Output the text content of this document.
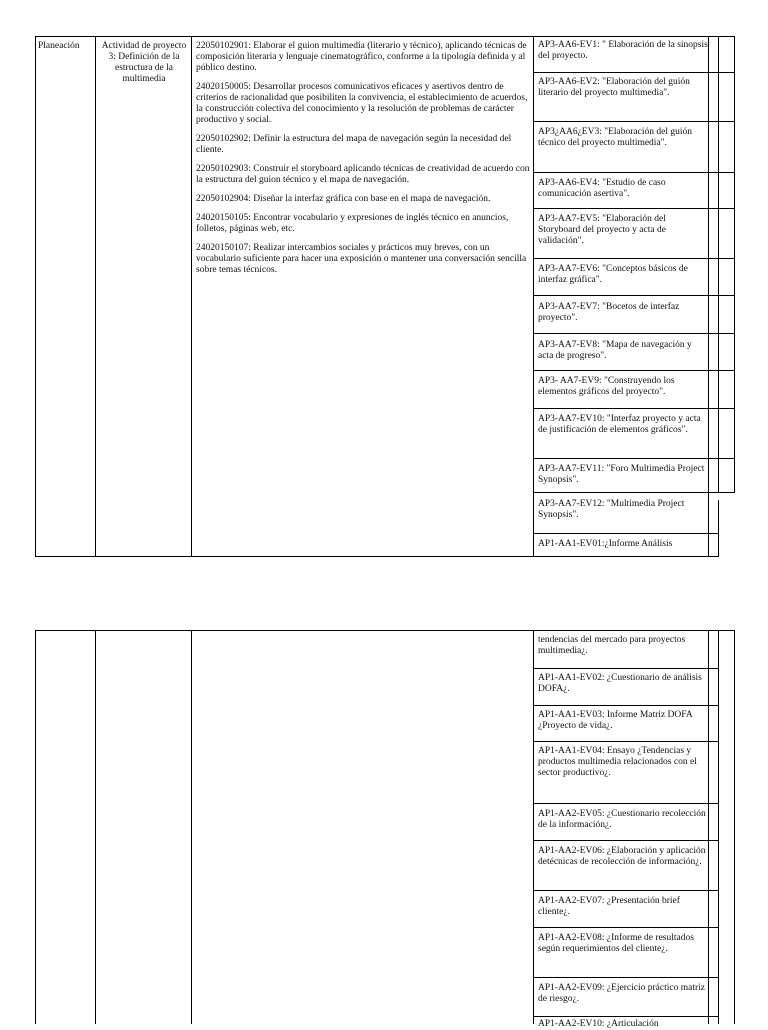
Planeación	Actividad de proyecto 3: Definición de la estructura de la multimedia

22050102901: Elaborar el guion multimedia (literario y técnico), aplicando técnicas de composición literaria y lenguaje cinematográfico, conforme a la tipología definida y al público destino.

24020150005: Desarrollar procesos comunicativos eficaces y asertivos dentro de criterios de racionalidad que posibiliten la convivencia, el establecimiento de acuerdos, la construcción colectiva del conocimiento y la resolución de problemas de carácter productivo y social.

22050102902: Definir la estructura del mapa de navegación según la necesidad del cliente.

22050102903: Construir el storyboard aplicando técnicas de creatividad de acuerdo con la estructura del guion técnico y el mapa de navegación.

22050102904: Diseñar la interfaz gráfica con base en el mapa de navegación.

24020150105: Encontrar vocabulario y expresiones de inglés técnico en anuncios, folletos, páginas web, etc.

24020150107: Realizar intercambios sociales y prácticos muy breves, con un vocabulario suficiente para hacer una exposición o mantener una conversación sencilla sobre temas técnicos.

AP3-AA6-EV1: " Elaboración de la sinopsis del proyecto.
AP3-AA6-EV2: "Elaboración del guión literario del proyecto multimedia".
AP3¿AA6¿EV3: "Elaboración del guión técnico del proyecto multimedia".
AP3-AA6-EV4: "Estudio de caso comunicación asertiva".
AP3-AA7-EV5: "Elaboración del Storyboard del proyecto y acta de validación".
AP3-AA7-EV6: "Conceptos básicos de interfaz gráfica".
AP3-AA7-EV7: "Bocetos de interfaz proyecto".
AP3-AA7-EV8: "Mapa de navegación y acta de progreso".
AP3- AA7-EV9: "Construyendo los elementos gráficos del proyecto".
AP3-AA7-EV10: "Interfaz proyecto y acta de justificación de elementos gráficos".
AP3-AA7-EV11: "Foro Multimedia Project Synopsis".
AP3-AA7-EV12: "Multimedia Project Synopsis".
AP1-AA1-EV01:¿Informe Análisis
tendencias del mercado para proyectos multimedia¿.
AP1-AA1-EV02: ¿Cuestionario de análisis DOFA¿.
AP1-AA1-EV03: Informe Matriz DOFA ¿Proyecto de vida¿.
AP1-AA1-EV04: Ensayo ¿Tendencias y productos multimedia relacionados con el sector productivo¿.
AP1-AA2-EV05: ¿Cuestionario recolección de la información¿.
AP1-AA2-EV06: ¿Elaboración y aplicación detécnicas de recolección de información¿.
AP1-AA2-EV07: ¿Presentación brief cliente¿.
AP1-AA2-EV08: ¿Informe de resultados según requerimientos del cliente¿.
AP1-AA2-EV09: ¿Ejercicio práctico matriz de riesgo¿.
AP1-AA2-EV10: ¿Articulación
